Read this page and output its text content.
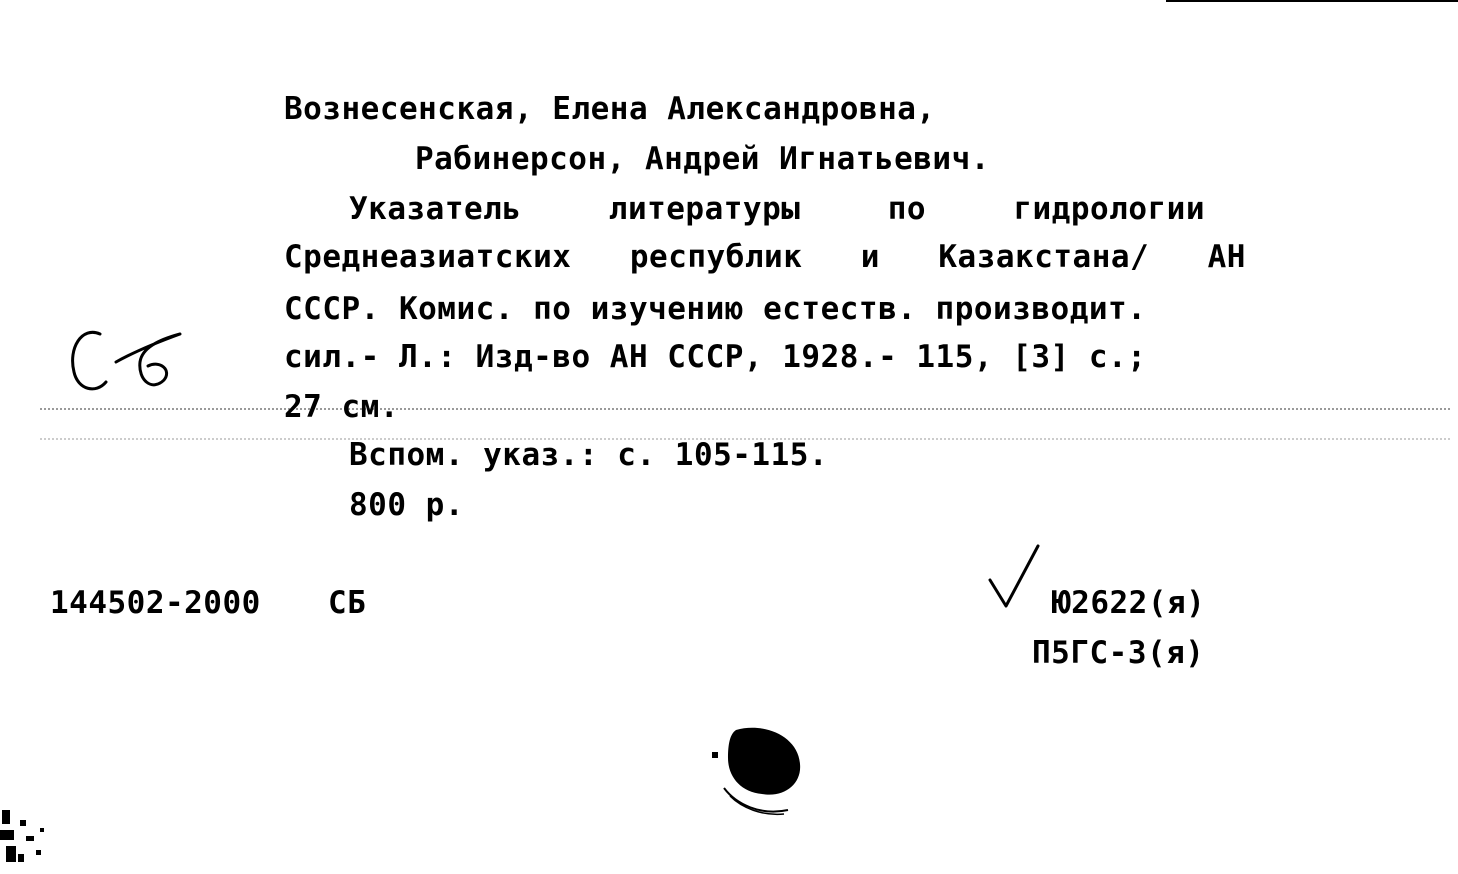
Вознесенская, Елена Александровна,
Рабинерсон, Андрей Игнатьевич.
Указатель	литературы	по	гидрологии
Среднеазиатских республик и Казакстана/ АН
СССР. Комис. по изучению естеств. производит.
сил.- Л.: Изд-во АН СССР, 1928.- 115, [3] с.;
27 см.
Вспом. указ.: с. 105-115.
800 р.
144502-2000 СБ	Ю2622(я)
П5ГС-3(я)
